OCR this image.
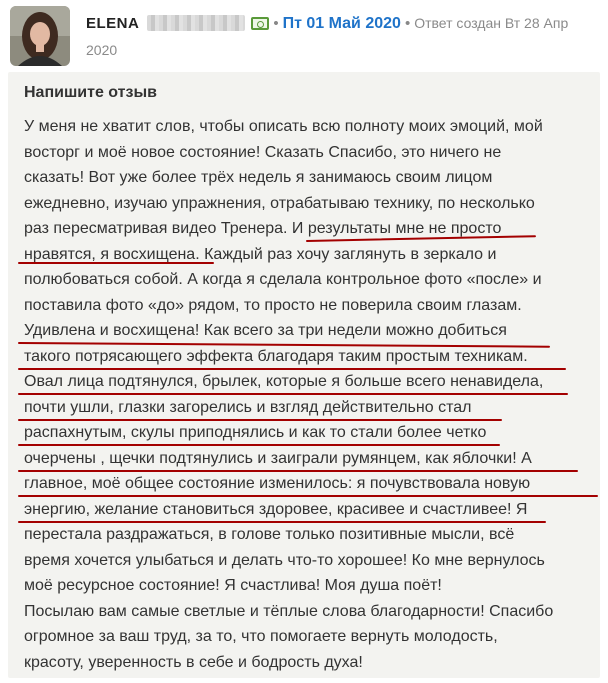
ELENA	• Пт 01 Май 2020 • Ответ создан Вт 28 Апр 2020
Напишите отзыв
У меня не хватит слов, чтобы описать всю полноту моих эмоций, мой
восторг и моё новое состояние! Сказать Спасибо, это ничего не
сказать! Вот уже более трёх недель я занимаюсь своим лицом
ежедневно, изучаю упражнения, отрабатываю технику, по несколько
раз пересматривая видео Тренера. И результаты мне не просто
нравятся, я восхищена. Каждый раз хочу заглянуть в зеркало и
полюбоваться собой. А когда я сделала контрольное фото «после» и
поставила фото «до» рядом, то просто не поверила своим глазам.
Удивлена и восхищена! Как всего за три недели можно добиться
такого потрясающего эффекта благодаря таким простым техникам.
Овал лица подтянулся, брылек, которые я больше всего ненавидела,
почти ушли, глазки загорелись и взгляд действительно стал
распахнутым, скулы приподнялись и как то стали более четко
очерчены , щечки подтянулись и заиграли румянцем, как яблочки! А
главное, моё общее состояние изменилось: я почувствовала новую
энергию, желание становиться здоровее, красивее и счастливее! Я
перестала раздражаться, в голове только позитивные мысли, всё
время хочется улыбаться и делать что-то хорошее! Ко мне вернулось
моё ресурсное состояние! Я счастлива! Моя душа поёт!
Посылаю вам самые светлые и тёплые слова благодарности! Спасибо
огромное за ваш труд, за то, что помогаете вернуть молодость,
красоту, уверенность в себе и бодрость духа!
